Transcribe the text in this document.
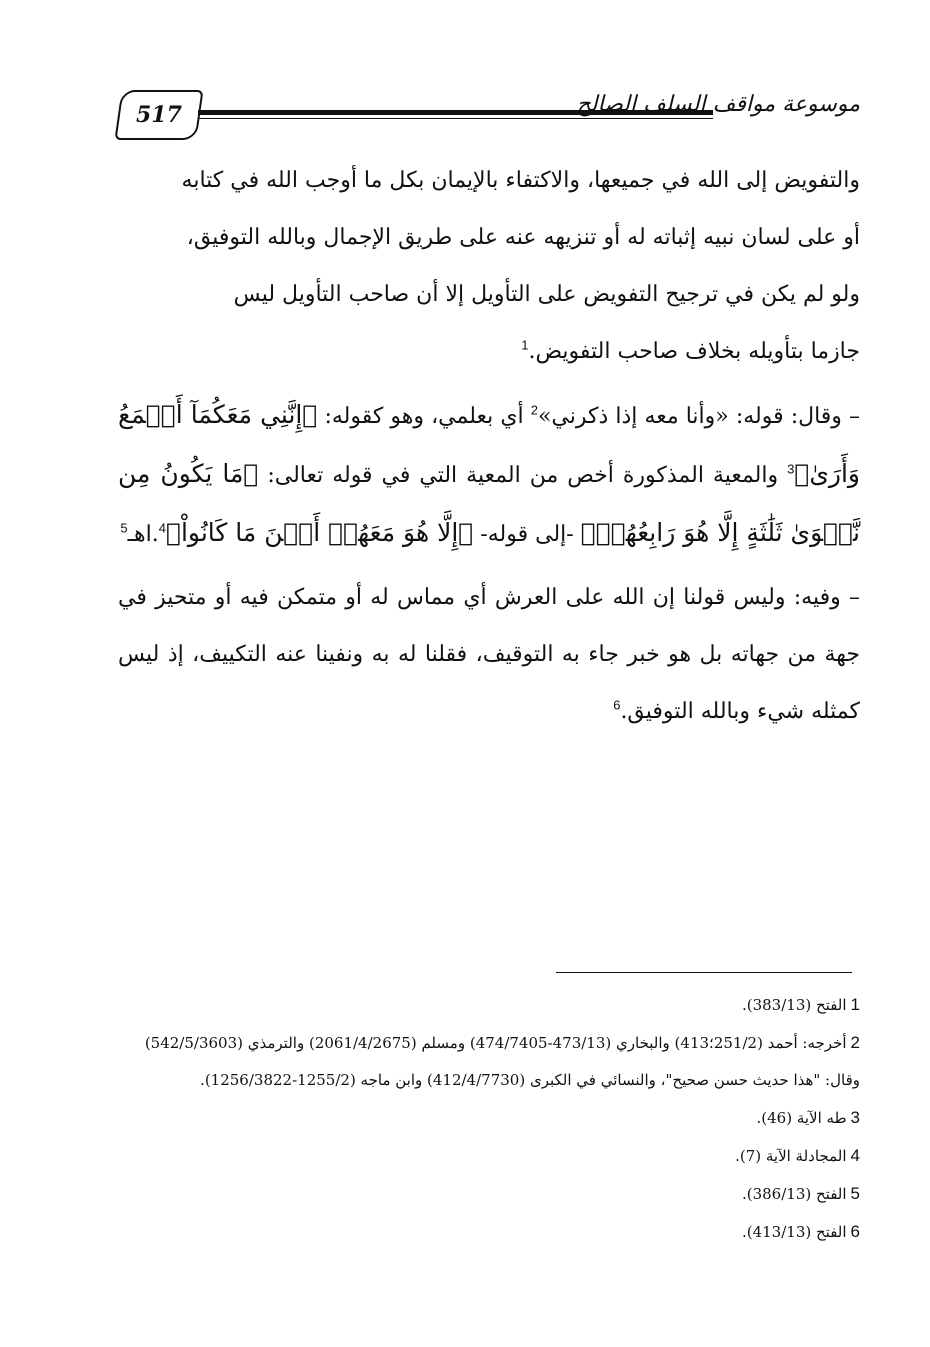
517	موسوعة مواقف السلف الصالح

والتفويض إلى الله في جميعها، والاكتفاء بالإيمان بكل ما أوجب الله في كتابه

أو على لسان نبيه إثباته له أو تنزيهه عنه على طريق الإجمال وبالله التوفيق،

ولو لم يكن في ترجيح التفويض على التأويل إلا أن صاحب التأويل ليس

جازما بتأويله بخلاف صاحب التفويض.$^1$

– وقال: قوله: «وأنا معه إذا ذكرني»$^2$ أي بعلمي، وهو كقوله: ﴿إِنَّنِي مَعَكُمَآ أَسۡمَعُ وَأَرَىٰ﴾$^3$ والمعية المذكورة أخص من المعية التي في قوله تعالى: ﴿مَا يَكُونُ مِن نَّجۡوَىٰ ثَلَٰثَةٍ إِلَّا هُوَ رَابِعُهُمۡ﴾ -إلى قوله- ﴿إِلَّا هُوَ مَعَهُمۡ أَيۡنَ مَا كَانُواْ﴾$^4$.اهـ$^5$

– وفيه: وليس قولنا إن الله على العرش أي مماس له أو متمكن فيه أو متحيز في جهة من جهاته بل هو خبر جاء به التوقيف، فقلنا له به ونفينا عنه التكييف، إذ ليس كمثله شيء وبالله التوفيق.$^6$

1الفتح (383/13).

2أخرجه: أحمد (251/2؛413) والبخاري (473/13-474/7405) ومسلم (2061/4/2675) والترمذي (542/5/3603) وقال: "هذا حديث حسن صحيح"، والنسائي في الكبرى (412/4/7730) وابن ماجه (1255/2-1256/3822).

3طه الآية (46).

4المجادلة الآية (7).

5الفتح (386/13).

6الفتح (413/13).
